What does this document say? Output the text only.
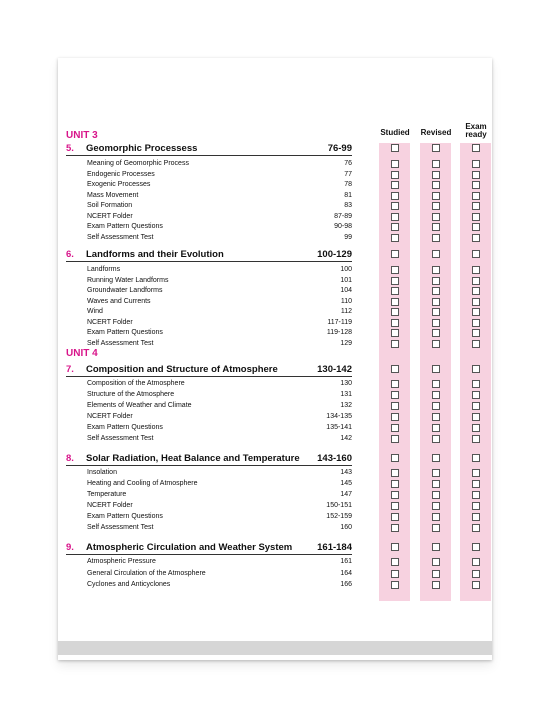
Studied	Revised
Exam ready
UNIT 3
UNIT 4
5. Geomorphic Processess	76-99
Meaning of Geomorphic Process	76
Endogenic Processes	77
Exogenic Processes	78
Mass Movement	81
Soil Formation	83
NCERT Folder	87-89
Exam Pattern Questions	90-98
Self Assessment Test	99
6. Landforms and their Evolution	100-129
Landforms	100
Running Water Landforms	101
Groundwater Landforms	104
Waves and Currents	110
Wind	112
NCERT Folder	117-119
Exam Pattern Questions	119-128
Self Assessment Test	129
7. Composition and Structure of Atmosphere	130-142
Composition of the Atmosphere	130
Structure of the Atmosphere	131
Elements of Weather and Climate	132
NCERT Folder	134-135
Exam Pattern Questions	135-141
Self Assessment Test	142
8. Solar Radiation, Heat Balance and Temperature 143-160
Insolation	143
Heating and Cooling of Atmosphere	145
Temperature	147
NCERT Folder	150-151
Exam Pattern Questions	152-159
Self Assessment Test	160
9. Atmospheric Circulation and Weather System	161-184
Atmospheric Pressure	161
General Circulation of the Atmosphere	164
Cyclones and Anticyclones	166
